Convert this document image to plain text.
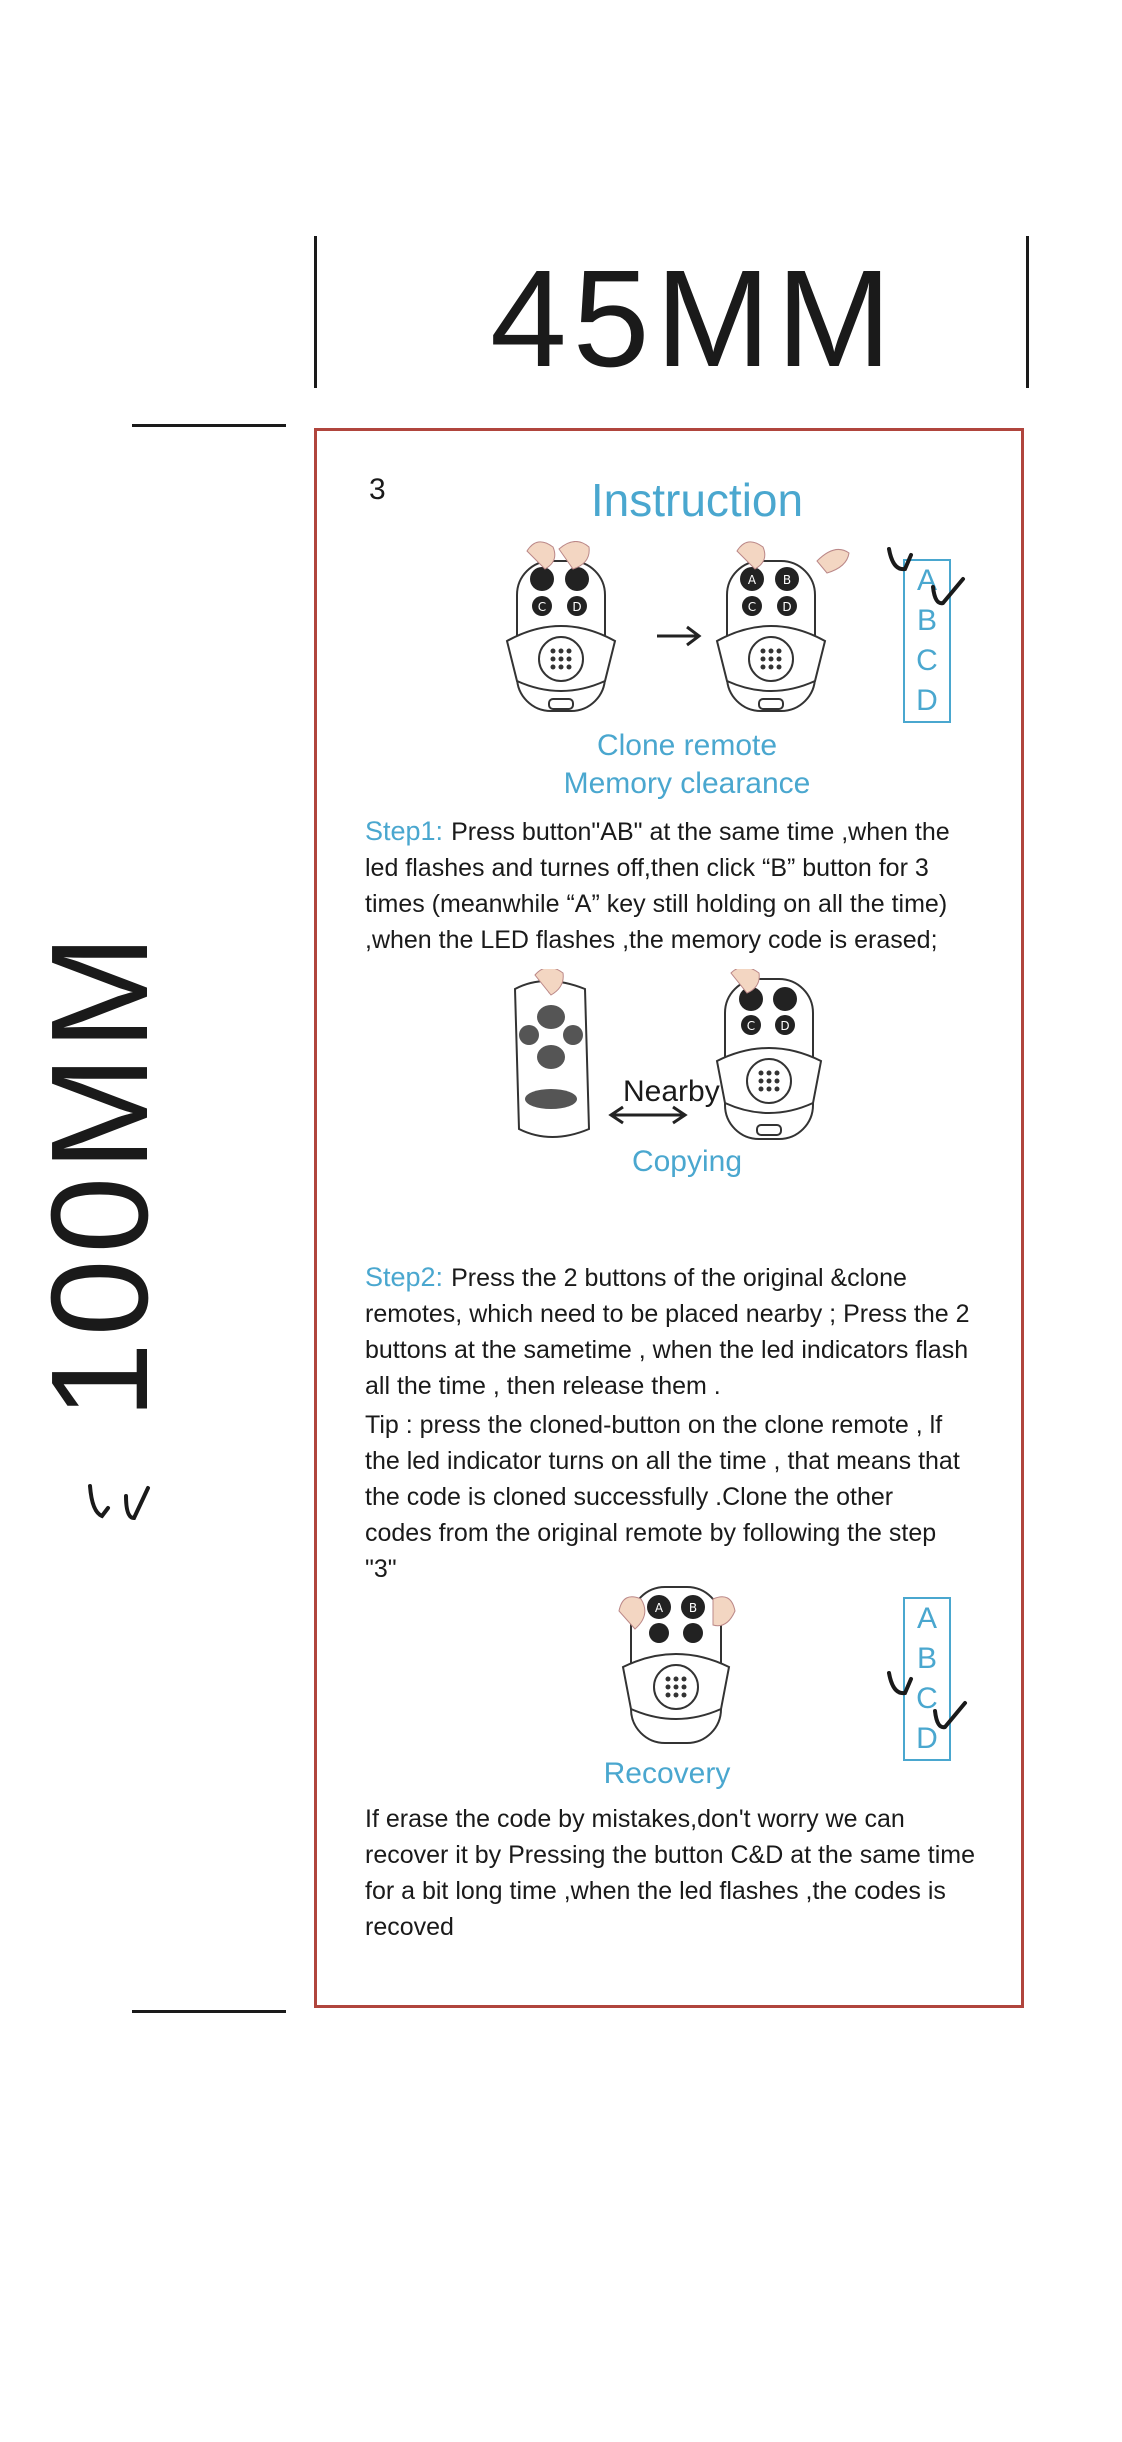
45MM
100MM
3	Instruction
C D
A B
C D
A
B
C
D
Clone remote
Memory clearance
Step1: Press button"AB" at the same time ,when the led flashes and turnes off,then click “B” button for 3 times (meanwhile “A” key still holding on all the time) ,when the LED flashes ,the memory code is erased;
C D
Nearby
Copying
Step2: Press the 2 buttons of the original &clone remotes, which need to be placed nearby ; Press the 2 buttons at the sametime , when the led indicators flash all the time , then release them .
Tip : press the cloned-button on the clone remote , lf the led indicator turns on all the time , that means that the code is cloned successfully .Clone the other codes from the original remote by following the step "3"
A B	A
B
C
D
Recovery
If erase the code by mistakes,don't worry we can recover it by Pressing the button C&D at the same time for a bit long time ,when the led flashes ,the codes is recoved
